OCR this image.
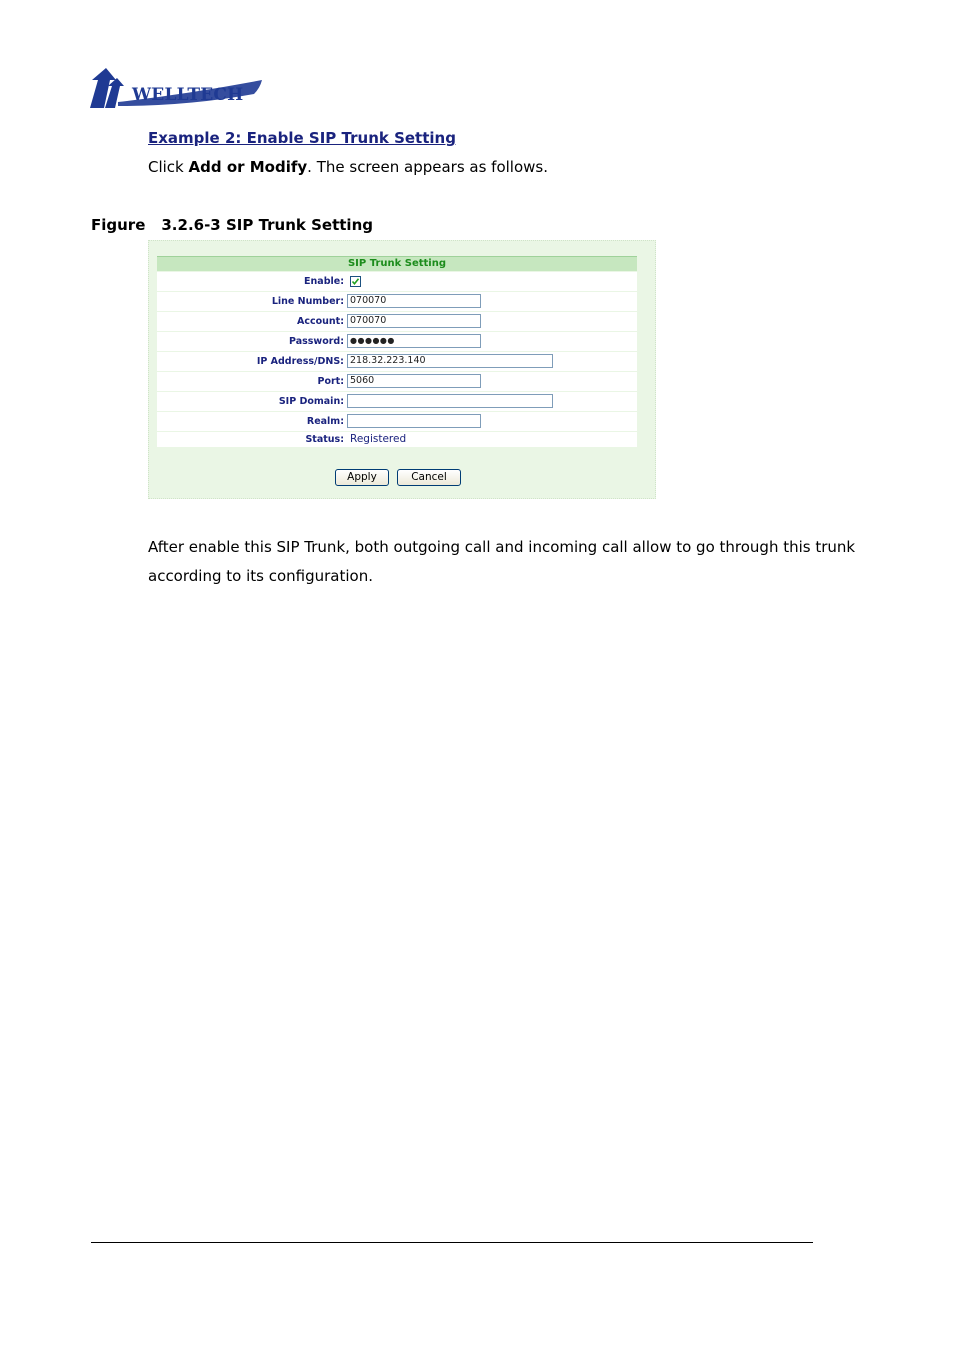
WELLTECH
Example 2: Enable SIP Trunk Setting
Click Add or Modify. The screen appears as follows.
Figure 3.2.6-3 SIP Trunk Setting
SIP Trunk Setting
Enable:
Line Number: 070070
Account: 070070
Password: ●●●●●●
IP Address/DNS: 218.32.223.140
Port: 5060
SIP Domain:
Realm:
Status: Registered
Apply	Cancel
After enable this SIP Trunk, both outgoing call and incoming call allow to go through this trunk according to its configuration.
